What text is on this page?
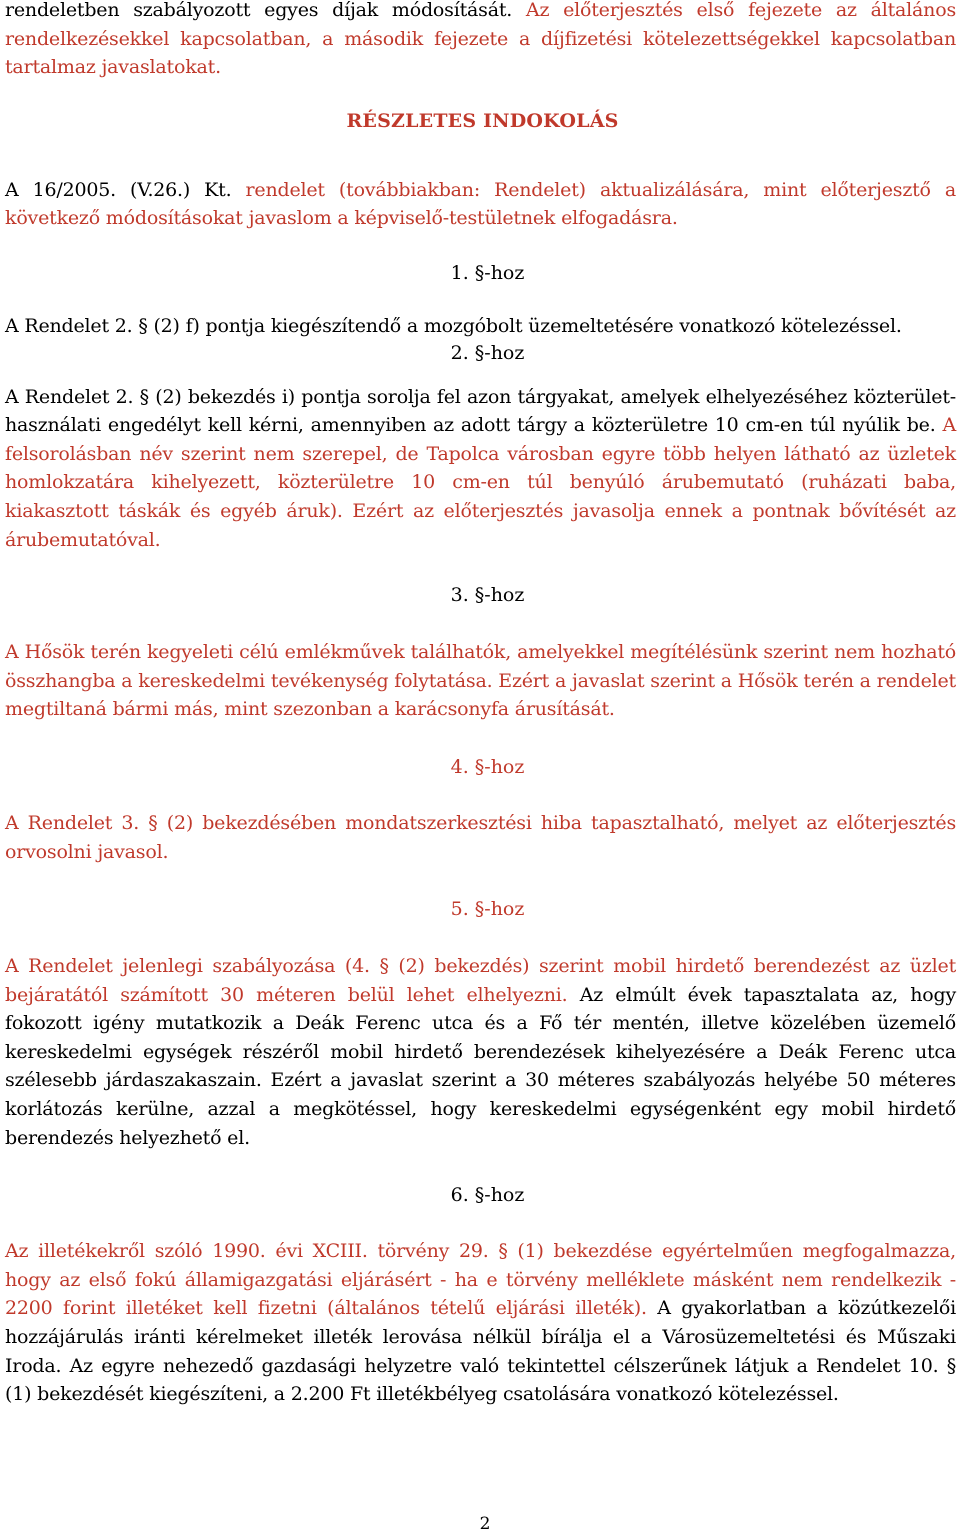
rendeletben szabályozott egyes díjak módosítását. Az előterjesztés első fejezete az általános rendelkezésekkel kapcsolatban, a második fejezete a díjfizetési kötelezettségekkel kapcsolatban tartalmaz javaslatokat.

RÉSZLETES INDOKOLÁS

A 16/2005. (V.26.) Kt. rendelet (továbbiakban: Rendelet) aktualizálására, mint előterjesztő a következő módosításokat javaslom a képviselő-testületnek elfogadásra.

1. §-hoz

A Rendelet 2. § (2) f) pontja kiegészítendő a mozgóbolt üzemeltetésére vonatkozó kötelezéssel.

2. §-hoz

A Rendelet 2. § (2) bekezdés i) pontja sorolja fel azon tárgyakat, amelyek elhelyezéséhez közterület-használati engedélyt kell kérni, amennyiben az adott tárgy a közterületre 10 cm-en túl nyúlik be. A felsorolásban név szerint nem szerepel, de Tapolca városban egyre több helyen látható az üzletek homlokzatára kihelyezett, közterületre 10 cm-en túl benyúló árubemutató (ruházati baba, kiakasztott táskák és egyéb áruk). Ezért az előterjesztés javasolja ennek a pontnak bővítését az árubemutatóval.

3. §-hoz

A Hősök terén kegyeleti célú emlékművek találhatók, amelyekkel megítélésünk szerint nem hozható összhangba a kereskedelmi tevékenység folytatása. Ezért a javaslat szerint a Hősök terén a rendelet megtiltaná bármi más, mint szezonban a karácsonyfa árusítását.

4. §-hoz

A Rendelet 3. § (2) bekezdésében mondatszerkesztési hiba tapasztalható, melyet az előterjesztés orvosolni javasol.

5. §-hoz

A Rendelet jelenlegi szabályozása (4. § (2) bekezdés) szerint mobil hirdető berendezést az üzlet bejáratától számított 30 méteren belül lehet elhelyezni. Az elmúlt évek tapasztalata az, hogy fokozott igény mutatkozik a Deák Ferenc utca és a Fő tér mentén, illetve közelében üzemelő kereskedelmi egységek részéről mobil hirdető berendezések kihelyezésére a Deák Ferenc utca szélesebb járdaszakaszain. Ezért a javaslat szerint a 30 méteres szabályozás helyébe 50 méteres korlátozás kerülne, azzal a megkötéssel, hogy kereskedelmi egységenként egy mobil hirdető berendezés helyezhető el.

6. §-hoz

Az illetékekről szóló 1990. évi XCIII. törvény 29. § (1) bekezdése egyértelműen megfogalmazza, hogy az első fokú államigazgatási eljárásért - ha e törvény melléklete másként nem rendelkezik - 2200 forint illetéket kell fizetni (általános tételű eljárási illeték). A gyakorlatban a közútkezelői hozzájárulás iránti kérelmeket illeték lerovása nélkül bírálja el a Városüzemeltetési és Műszaki Iroda. Az egyre nehezedő gazdasági helyzetre való tekintettel célszerűnek látjuk a Rendelet 10. § (1) bekezdését kiegészíteni, a 2.200 Ft illetékbélyeg csatolására vonatkozó kötelezéssel.

2
